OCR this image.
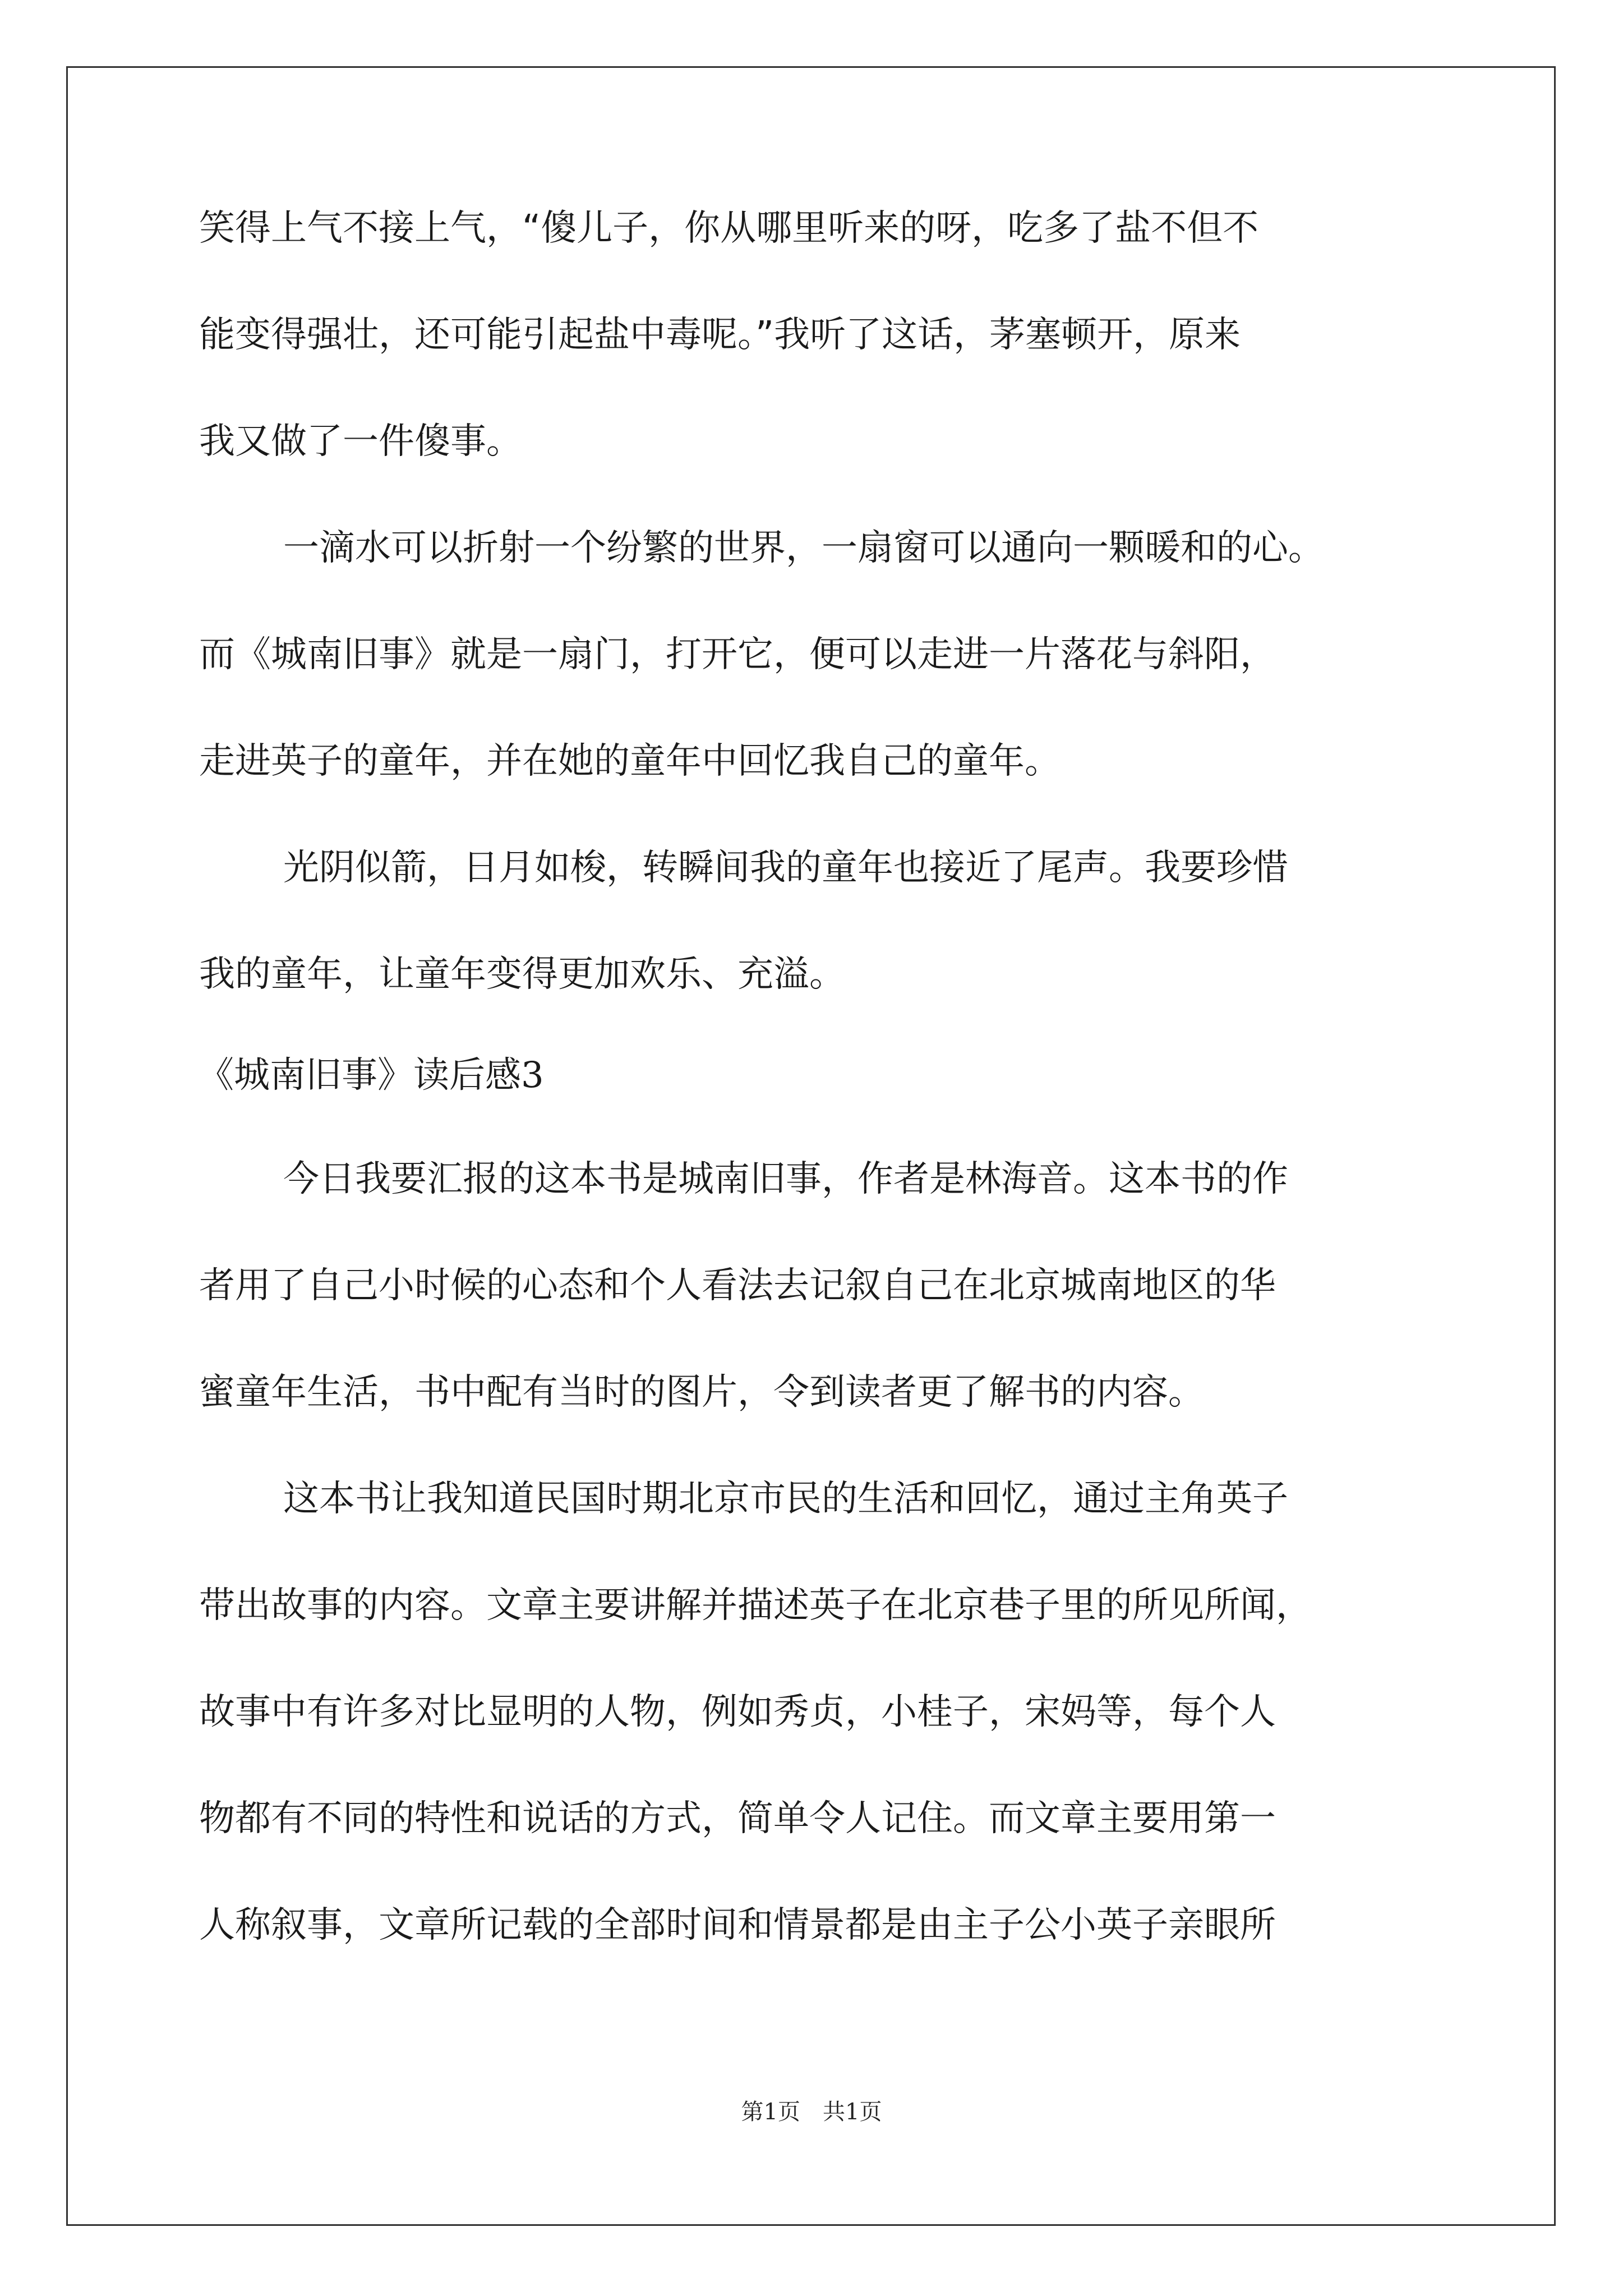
笑得上气不接上气，“傻儿子，你从哪里听来的呀，吃多了盐不但不
能变得强壮，还可能引起盐中毒呢。”我听了这话，茅塞顿开，原来
我又做了一件傻事。
一滴水可以折射一个纷繁的世界，一扇窗可以通向一颗暖和的心。
而《城南旧事》就是一扇门，打开它，便可以走进一片落花与斜阳，
走进英子的童年，并在她的童年中回忆我自己的童年。
光阴似箭，日月如梭，转瞬间我的童年也接近了尾声。我要珍惜
我的童年，让童年变得更加欢乐、充溢。
《城南旧事》读后感3
今日我要汇报的这本书是城南旧事，作者是林海音。这本书的作
者用了自己小时候的心态和个人看法去记叙自己在北京城南地区的华
蜜童年生活，书中配有当时的图片，令到读者更了解书的内容。
这本书让我知道民国时期北京市民的生活和回忆，通过主角英子
带出故事的内容。文章主要讲解并描述英子在北京巷子里的所见所闻，
故事中有许多对比显明的人物，例如秀贞，小桂子，宋妈等，每个人
物都有不同的特性和说话的方式，简单令人记住。而文章主要用第一
人称叙事，文章所记载的全部时间和情景都是由主子公小英子亲眼所
第1页　共1页
